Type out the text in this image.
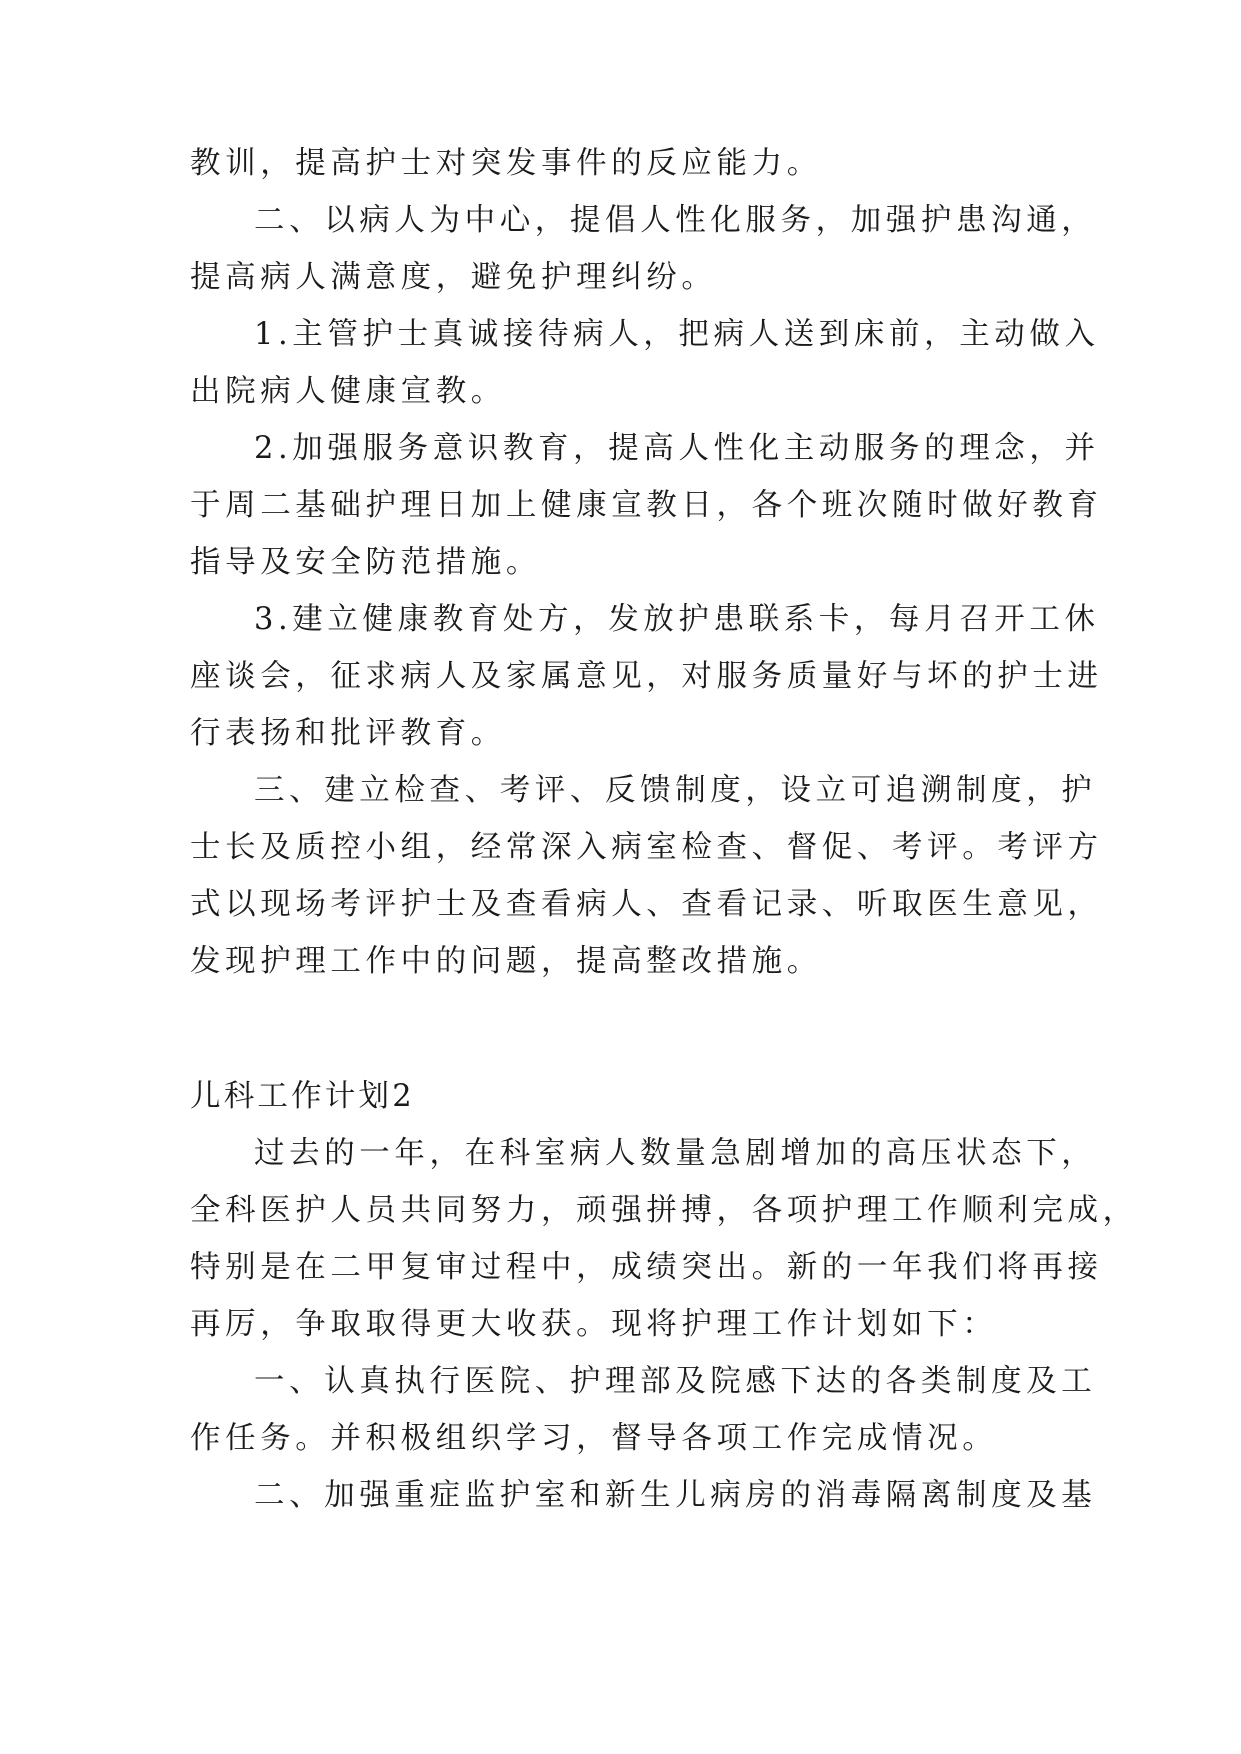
教训，提高护士对突发事件的反应能力。
二、以病人为中心，提倡人性化服务，加强护患沟通，
提高病人满意度，避免护理纠纷。
1.主管护士真诚接待病人，把病人送到床前，主动做入
出院病人健康宣教。
2.加强服务意识教育，提高人性化主动服务的理念，并
于周二基础护理日加上健康宣教日，各个班次随时做好教育
指导及安全防范措施。
3.建立健康教育处方，发放护患联系卡，每月召开工休
座谈会，征求病人及家属意见，对服务质量好与坏的护士进
行表扬和批评教育。
三、建立检查、考评、反馈制度，设立可追溯制度，护
士长及质控小组，经常深入病室检查、督促、考评。考评方
式以现场考评护士及查看病人、查看记录、听取医生意见，
发现护理工作中的问题，提高整改措施。
儿科工作计划2
过去的一年，在科室病人数量急剧增加的高压状态下，
全科医护人员共同努力，顽强拼搏，各项护理工作顺利完成，
特别是在二甲复审过程中，成绩突出。新的一年我们将再接
再厉，争取取得更大收获。现将护理工作计划如下：
一、认真执行医院、护理部及院感下达的各类制度及工
作任务。并积极组织学习，督导各项工作完成情况。
二、加强重症监护室和新生儿病房的消毒隔离制度及基
